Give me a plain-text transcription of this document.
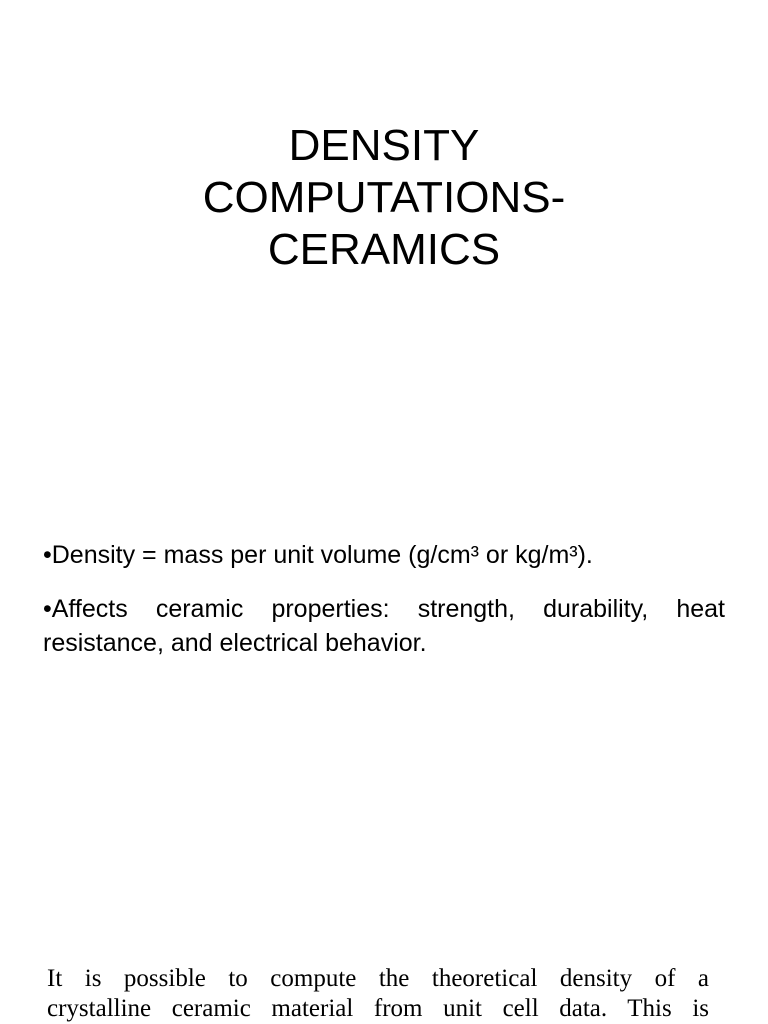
DENSITY
COMPUTATIONS-
CERAMICS
•Density = mass per unit volume (g/cm³ or kg/m³).
•Affects ceramic properties: strength, durability, heat resistance, and electrical behavior.
It is possible to compute the theoretical density of a
crystalline ceramic material from unit cell data. This is
